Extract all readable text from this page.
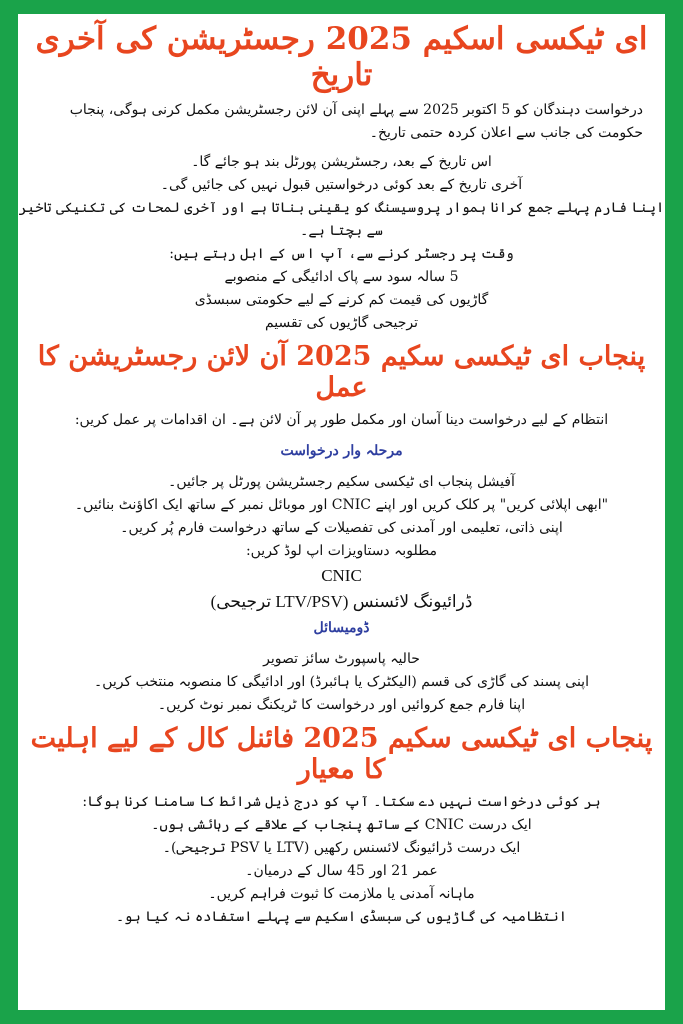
ای ٹیکسی اسکیم 2025 رجسٹریشن کی آخری تاریخ

درخواست دہندگان کو 5 اکتوبر 2025 سے پہلے اپنی آن لائن رجسٹریشن مکمل کرنی ہوگی، پنجاب حکومت کی جانب سے اعلان کردہ حتمی تاریخ۔

اس تاریخ کے بعد، رجسٹریشن پورٹل بند ہو جائے گا۔

آخری تاریخ کے بعد کوئی درخواستیں قبول نہیں کی جائیں گی۔

اپنا فارم پہلے جمع کرانا ہموار پروسیسنگ کو یقینی بناتا ہے اور آخری لمحات کی تکنیکی تاخیر سے بچتا ہے۔

وقت پر رجسٹر کرنے سے، آپ اس کے اہل رہتے ہیں:

5 سالہ سود سے پاک ادائیگی کے منصوبے

گاڑیوں کی قیمت کم کرنے کے لیے حکومتی سبسڈی

ترجیحی گاڑیوں کی تقسیم

پنجاب ای ٹیکسی سکیم 2025 آن لائن رجسٹریشن کا عمل

انتظام کے لیے درخواست دینا آسان اور مکمل طور پر آن لائن ہے۔ ان اقدامات پر عمل کریں:

مرحلہ وار درخواست

آفیشل پنجاب ای ٹیکسی سکیم رجسٹریشن پورٹل پر جائیں۔

"ابھی اپلائی کریں" پر کلک کریں اور اپنے CNIC اور موبائل نمبر کے ساتھ ایک اکاؤنٹ بنائیں۔

اپنی ذاتی، تعلیمی اور آمدنی کی تفصیلات کے ساتھ درخواست فارم پُر کریں۔

مطلوبہ دستاویزات اپ لوڈ کریں:

CNIC

ڈرائیونگ لائسنس (LTV/PSV ترجیحی)

ڈومیسائل

حالیہ پاسپورٹ سائز تصویر

اپنی پسند کی گاڑی کی قسم (الیکٹرک یا ہائبرڈ) اور ادائیگی کا منصوبہ منتخب کریں۔

اپنا فارم جمع کروائیں اور درخواست کا ٹریکنگ نمبر نوٹ کریں۔

پنجاب ای ٹیکسی سکیم 2025 فائنل کال کے لیے اہلیت کا معیار

ہر کوئی درخواست نہیں دے سکتا۔ آپ کو درج ذیل شرائط کا سامنا کرنا ہوگا:

ایک درست CNIC کے ساتھ پنجاب کے علاقے کے رہائشی ہوں۔

ایک درست ڈرائیونگ لائسنس رکھیں (LTV یا PSV ترجیحی)۔

عمر 21 اور 45 سال کے درمیان۔

ماہانہ آمدنی یا ملازمت کا ثبوت فراہم کریں۔

انتظامیہ کی گاڑیوں کی سبسڈی اسکیم سے پہلے استفادہ نہ کیا ہو۔
